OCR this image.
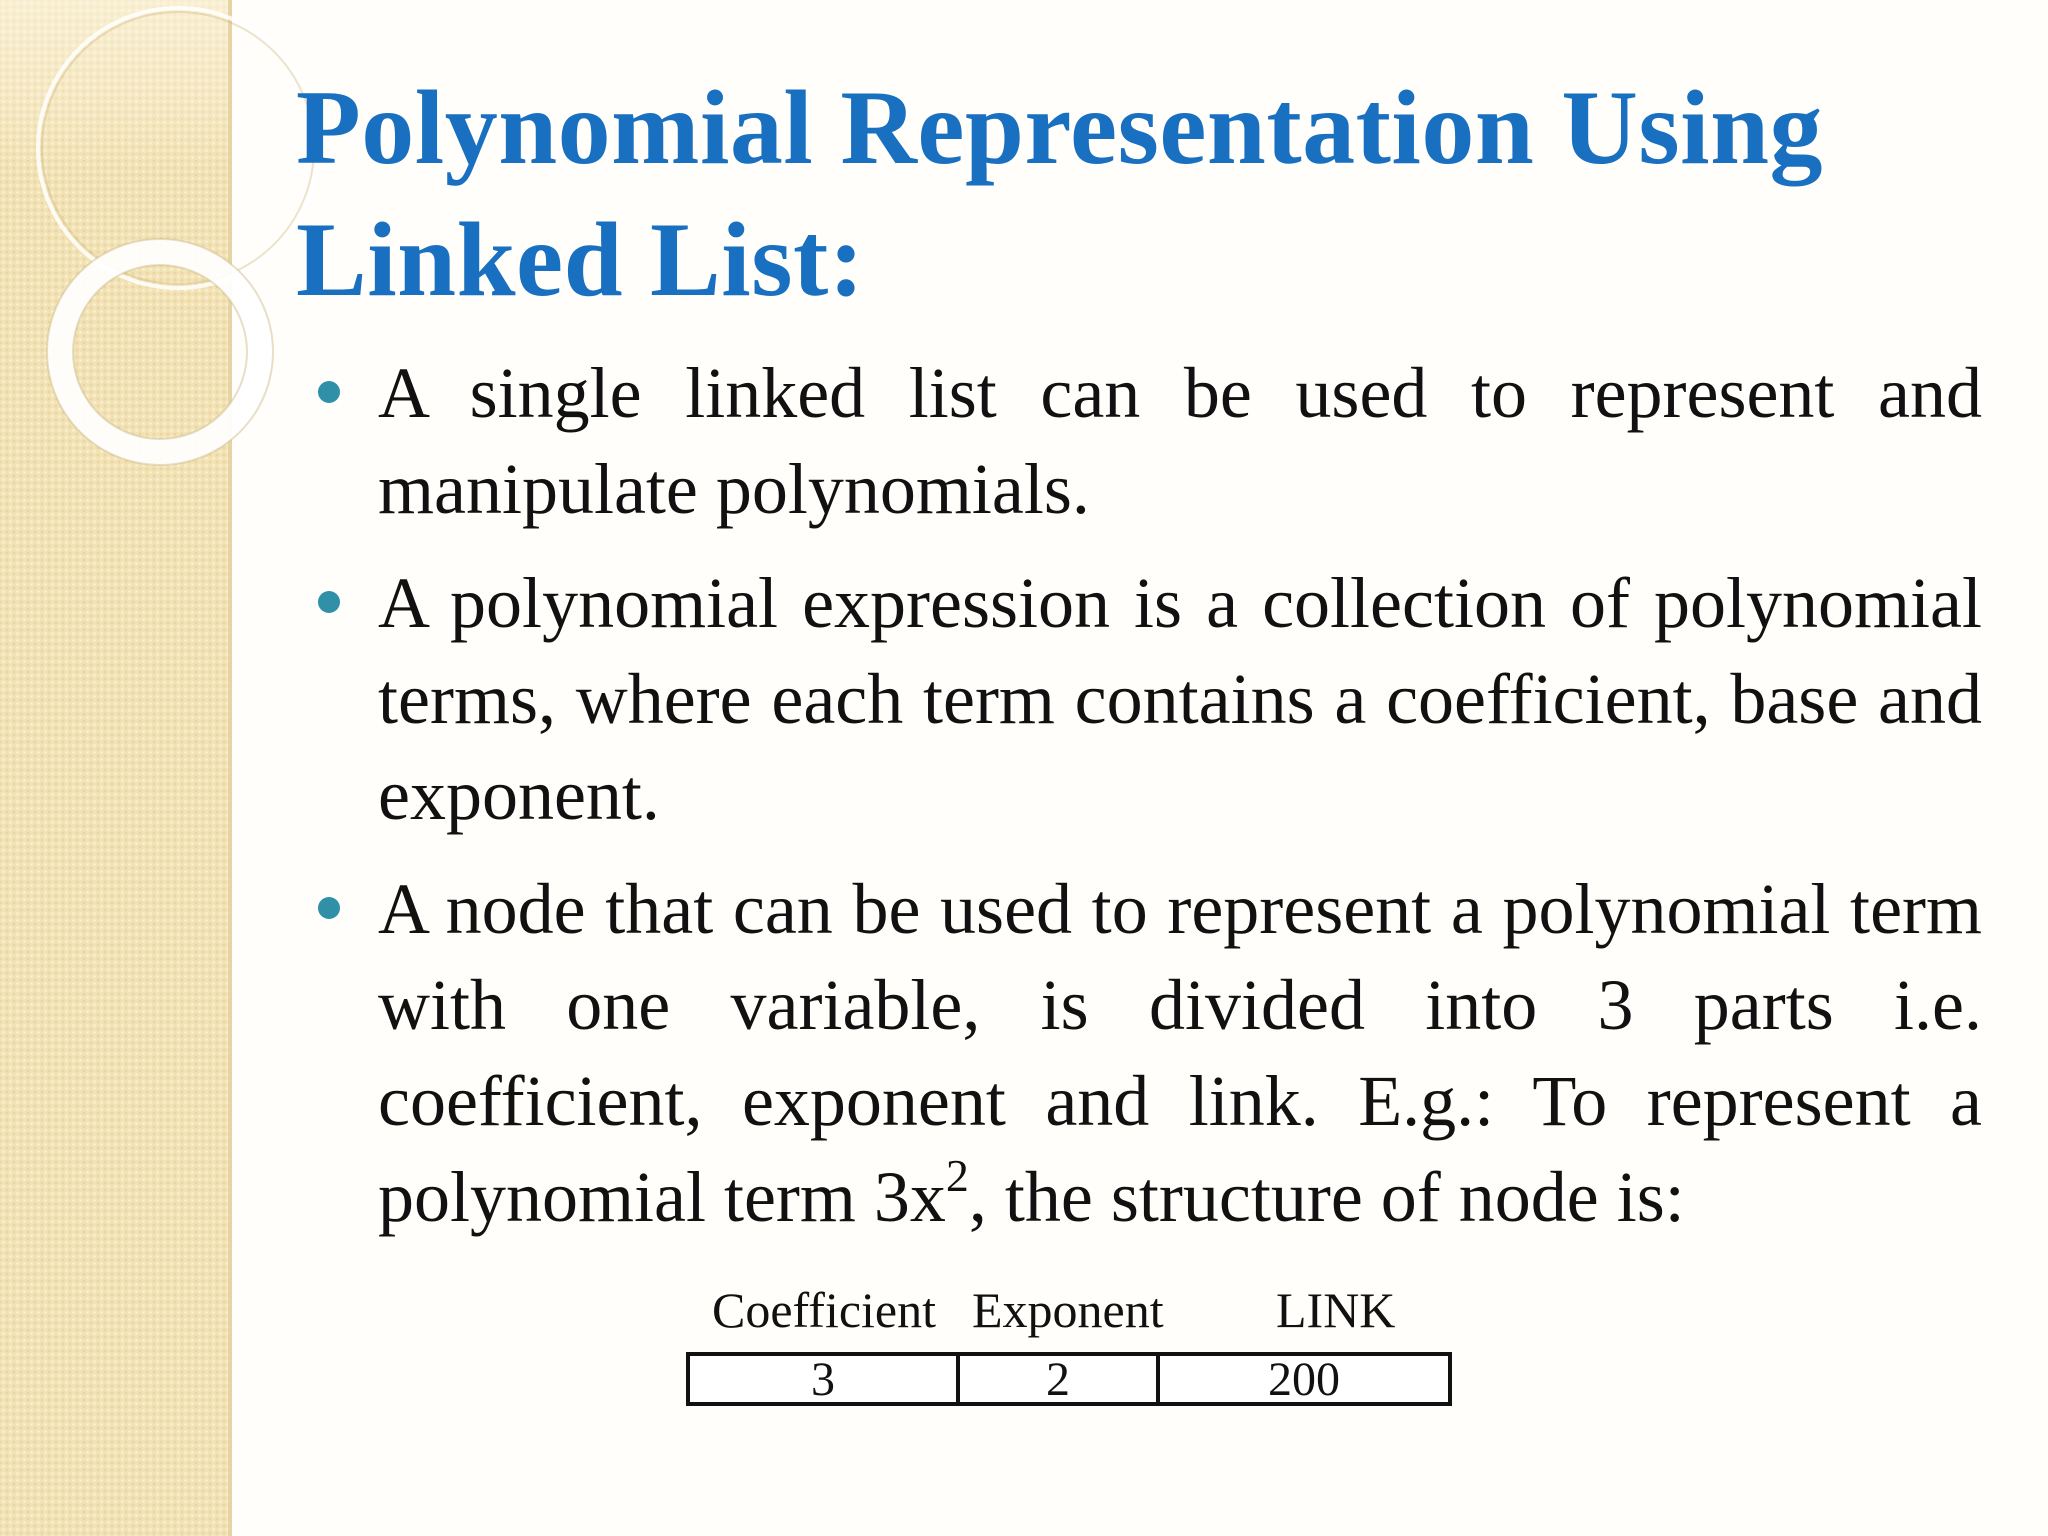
Polynomial Representation Using
Linked List:
A single linked list can be used to represent and manipulate polynomials.
A polynomial expression is a collection of polynomial terms, where each term contains a coefficient, base and exponent.
A node that can be used to represent a polynomial term with one variable, is divided into 3 parts i.e. coefficient, exponent and link. E.g.: To represent a polynomial term $3x^2$, the structure of node is:
Coefficient Exponent LINK
3	2	200
